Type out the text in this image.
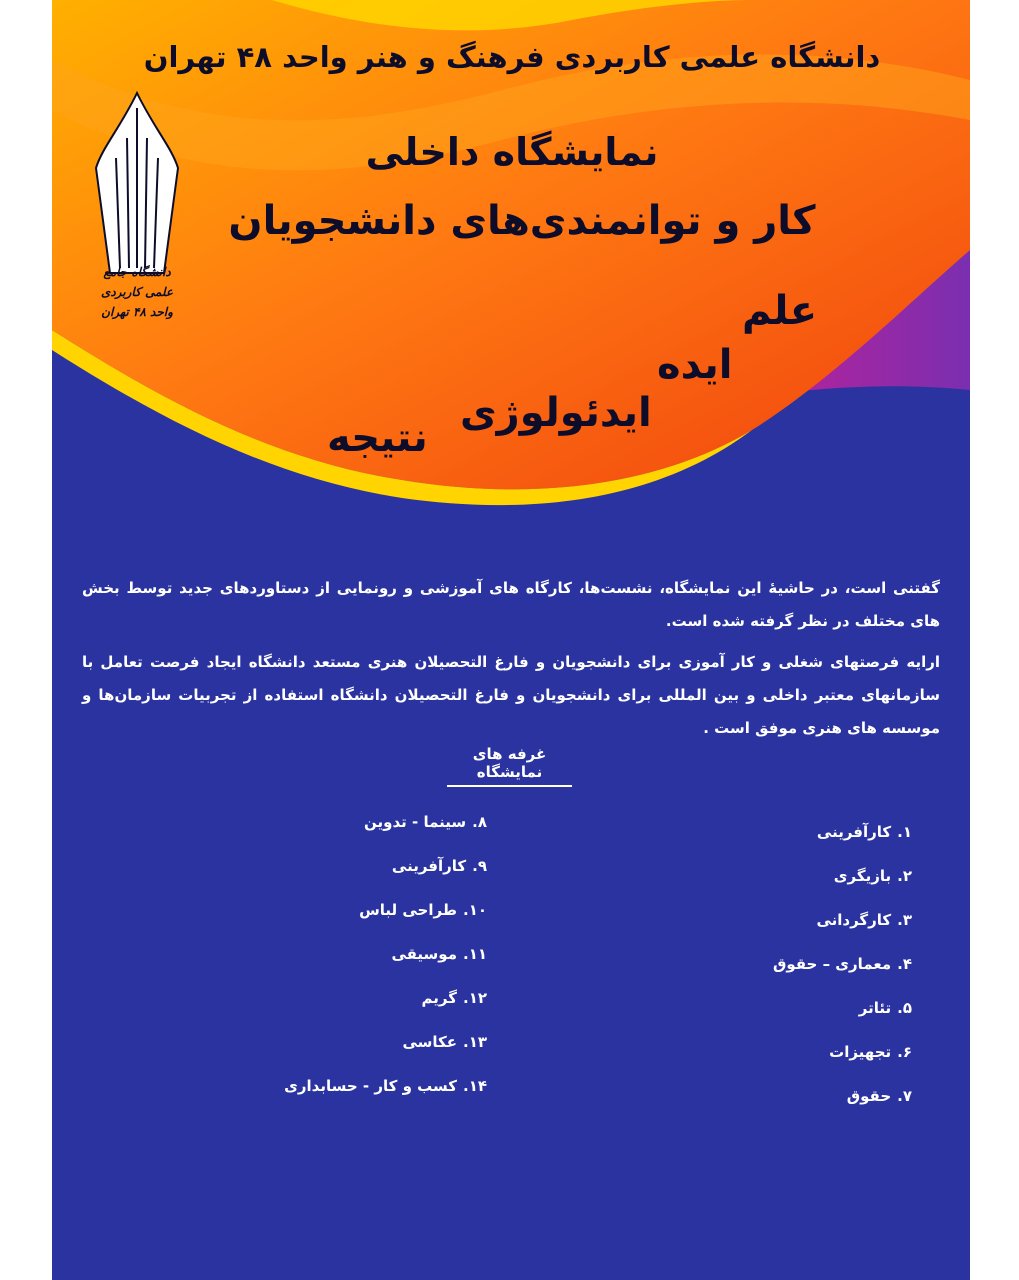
دانشگاه علمی کاربردی فرهنگ و هنر واحد ۴۸ تهران
دانشگاه جامع
علمی کاربردی
واحد ۴۸ تهران
نمایشگاه داخلی
کار و توانمندی‌های دانشجویان
علم
ایده
ایدئولوژی
نتیجه

گفتنی است، در حاشیهٔ این نمایشگاه، نشست‌ها، کارگاه های آموزشی و رونمایی از دستاوردهای جدید توسط بخش های مختلف در نظر گرفته شده است.

ارایه فرصتهای شغلی و کار آموزی برای دانشجویان و فارغ التحصیلان هنری مستعد دانشگاه ایجاد فرصت تعامل با سازمانهای معتبر داخلی و بین المللی برای دانشجویان و فارغ التحصیلان دانشگاه استفاده از تجربیات سازمان‌ها و موسسه های هنری موفق است .

غرفه های نمایشگاه
۱.کارآفرینی
۲.بازیگری
۳.کارگردانی
۴.معماری – حقوق
۵.تئاتر
۶.تجهیزات
۷.حقوق
۸.سینما - تدوین
۹.کارآفرینی
۱۰.طراحی لباس
۱۱.موسیقی
۱۲.گریم
۱۳.عکاسی
۱۴.کسب و کار - حسابداری
